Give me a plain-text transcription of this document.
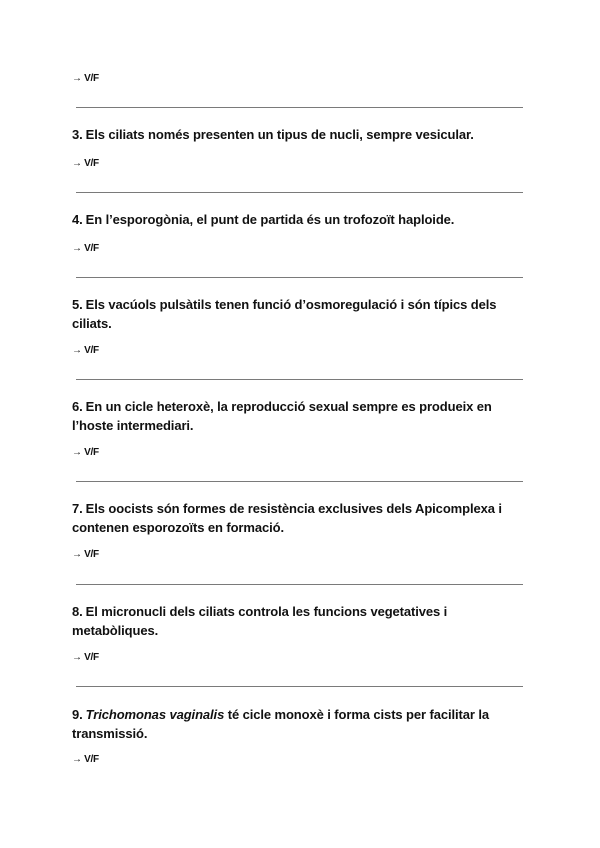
→ V/F
3. Els ciliats només presenten un tipus de nucli, sempre vesicular.
→ V/F
4. En l’esporogònia, el punt de partida és un trofozoït haploide.
→ V/F
5. Els vacúols pulsàtils tenen funció d’osmoregulació i són típics dels ciliats.
→ V/F
6. En un cicle heteroxè, la reproducció sexual sempre es produeix en l’hoste intermediari.
→ V/F
7. Els oocists són formes de resistència exclusives dels Apicomplexa i contenen esporozoïts en formació.
→ V/F
8. El micronucli dels ciliats controla les funcions vegetatives i metabòliques.
→ V/F
9. Trichomonas vaginalis té cicle monoxè i forma cists per facilitar la transmissió.
→ V/F
